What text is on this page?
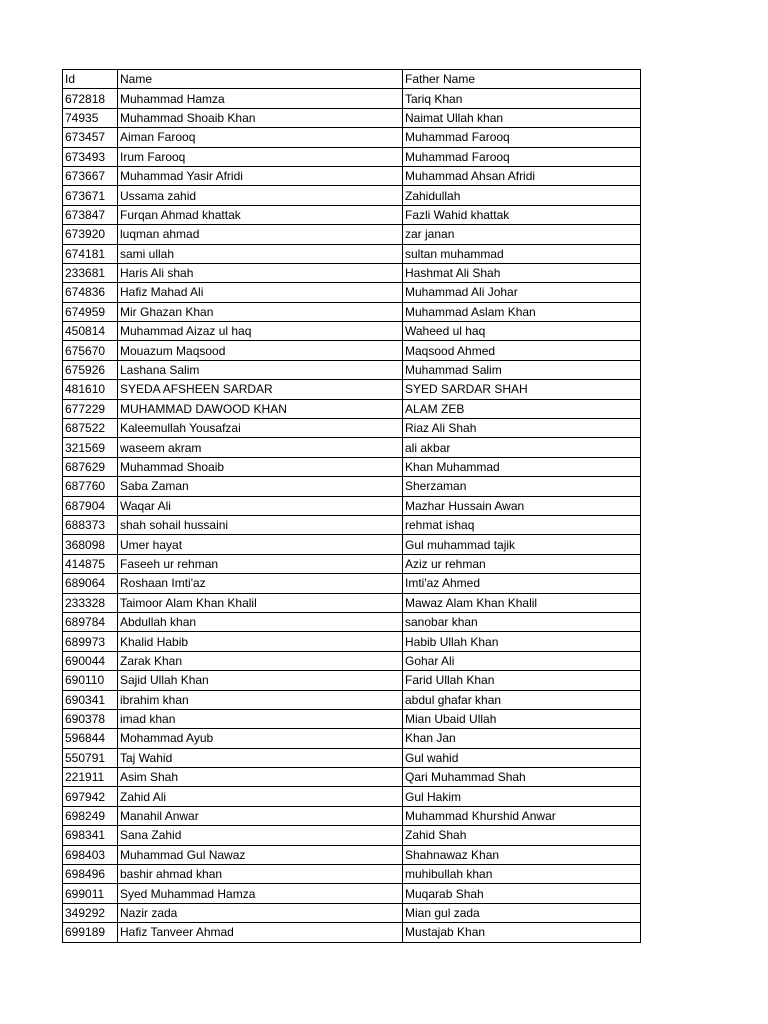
Id	Name	Father Name
672818	Muhammad Hamza	Tariq Khan
74935	Muhammad Shoaib Khan	Naimat Ullah khan
673457	Aiman Farooq	Muhammad Farooq
673493	Irum Farooq	Muhammad Farooq
673667	Muhammad Yasir Afridi	Muhammad Ahsan Afridi
673671	Ussama zahid	Zahidullah
673847	Furqan Ahmad khattak	Fazli Wahid khattak
673920	luqman ahmad	zar janan
674181	sami ullah	sultan muhammad
233681	Haris Ali shah	Hashmat Ali Shah
674836	Hafiz Mahad Ali	Muhammad Ali Johar
674959	Mir Ghazan Khan	Muhammad Aslam Khan
450814	Muhammad Aizaz ul haq	Waheed ul haq
675670	Mouazum Maqsood	Maqsood Ahmed
675926	Lashana Salim	Muhammad Salim
481610	SYEDA AFSHEEN SARDAR	SYED SARDAR SHAH
677229	MUHAMMAD DAWOOD KHAN	ALAM ZEB
687522	Kaleemullah Yousafzai	Riaz Ali Shah
321569	waseem akram	ali akbar
687629	Muhammad Shoaib	Khan Muhammad
687760	Saba Zaman	Sherzaman
687904	Waqar Ali	Mazhar Hussain Awan
688373	shah sohail hussaini	rehmat ishaq
368098	Umer hayat	Gul muhammad tajik
414875	Faseeh ur rehman	Aziz ur rehman
689064	Roshaan Imti'az	Imti'az Ahmed
233328	Taimoor Alam Khan Khalil	Mawaz Alam Khan Khalil
689784	Abdullah khan	sanobar khan
689973	Khalid Habib	Habib Ullah Khan
690044	Zarak Khan	Gohar Ali
690110	Sajid Ullah Khan	Farid Ullah Khan
690341	ibrahim khan	abdul ghafar khan
690378	imad khan	Mian Ubaid Ullah
596844	Mohammad Ayub	Khan Jan
550791	Taj Wahid	Gul wahid
221911	Asim Shah	Qari Muhammad Shah
697942	Zahid Ali	Gul Hakim
698249	Manahil Anwar	Muhammad Khurshid Anwar
698341	Sana Zahid	Zahid Shah
698403	Muhammad Gul Nawaz	Shahnawaz Khan
698496	bashir ahmad khan	muhibullah khan
699011	Syed Muhammad Hamza	Muqarab Shah
349292	Nazir zada	Mian gul zada
699189	Hafiz Tanveer Ahmad	Mustajab Khan
